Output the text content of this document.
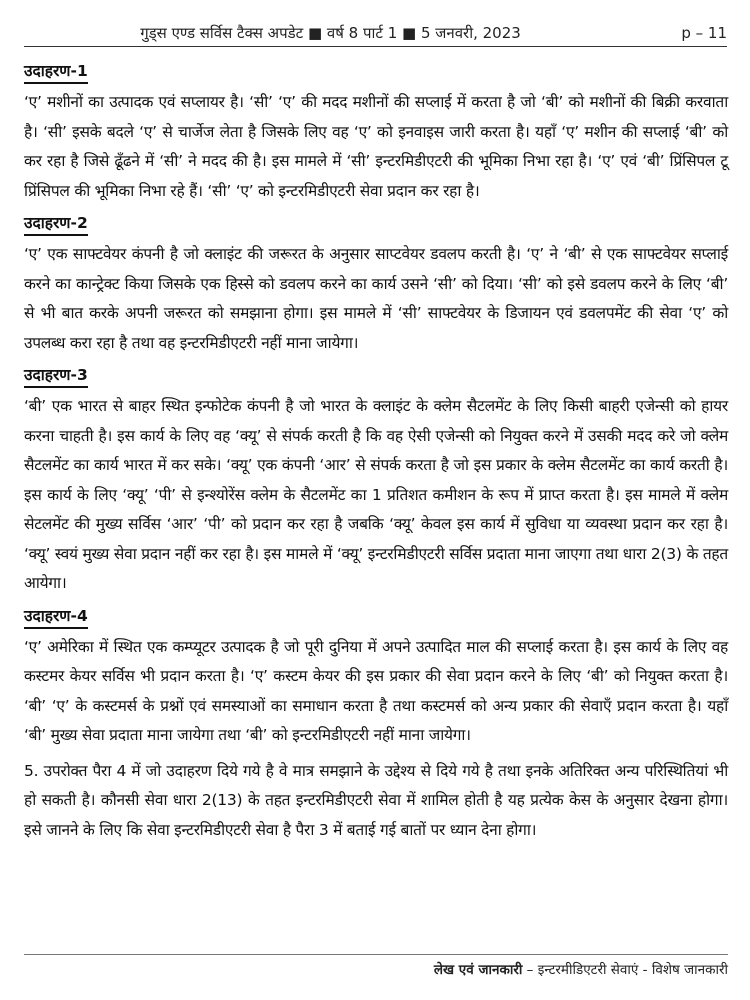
गुड्स एण्ड सर्विस टैक्स अपडेट ■ वर्ष 8 पार्ट 1 ■ 5 जनवरी, 2023	p – 11
उदाहरण-1

‘ए’ मशीनों का उत्पादक एवं सप्लायर है। ‘सी’ ‘ए’ की मदद मशीनों की सप्लाई में करता है जो ‘बी’ को मशीनों की बिक्री करवाता है। ‘सी’ इसके बदले ‘ए’ से चार्जेज लेता है जिसके लिए वह ‘ए’ को इनवाइस जारी करता है। यहाँ ‘ए’ मशीन की सप्लाई ‘बी’ को कर रहा है जिसे ढूँढने में ‘सी’ ने मदद की है। इस मामले में ‘सी’ इन्टरमिडीएटरी की भूमिका निभा रहा है। ‘ए’ एवं ‘बी’ प्रिंसिपल टू प्रिंसिपल की भूमिका निभा रहे हैं। ‘सी’ ‘ए’ को इन्टरमिडीएटरी सेवा प्रदान कर रहा है।

उदाहरण-2

‘ए’ एक साफ्टवेयर कंपनी है जो क्लाइंट की जरूरत के अनुसार साप्टवेयर डवलप करती है। ‘ए’ ने ‘बी’ से एक साफ्टवेयर सप्लाई करने का कान्ट्रेक्ट किया जिसके एक हिस्से को डवलप करने का कार्य उसने ‘सी’ को दिया। ‘सी’ को इसे डवलप करने के लिए ‘बी’ से भी बात करके अपनी जरूरत को समझाना होगा। इस मामले में ‘सी’ साफ्टवेयर के डिजायन एवं डवलपमेंट की सेवा ‘ए’ को उपलब्ध करा रहा है तथा वह इन्टरमिडीएटरी नहीं माना जायेगा।

उदाहरण-3

‘बी’ एक भारत से बाहर स्थित इन्फोटेक कंपनी है जो भारत के क्लाइंट के क्लेम सैटलमेंट के लिए किसी बाहरी एजेन्सी को हायर करना चाहती है। इस कार्य के लिए वह ‘क्यू’ से संपर्क करती है कि वह ऐसी एजेन्सी को नियुक्त करने में उसकी मदद करे जो क्लेम सैटलमेंट का कार्य भारत में कर सके। ‘क्यू’ एक कंपनी ‘आर’ से संपर्क करता है जो इस प्रकार के क्लेम सैटलमेंट का कार्य करती है। इस कार्य के लिए ‘क्यू’ ‘पी’ से इन्श्योरेंस क्लेम के सैटलमेंट का 1 प्रतिशत कमीशन के रूप में प्राप्त करता है। इस मामले में क्लेम सेटलमेंट की मुख्य सर्विस ‘आर’ ‘पी’ को प्रदान कर रहा है जबकि ‘क्यू’ केवल इस कार्य में सुविधा या व्यवस्था प्रदान कर रहा है। ‘क्यू’ स्वयं मुख्य सेवा प्रदान नहीं कर रहा है। इस मामले में ‘क्यू’ इन्टरमिडीएटरी सर्विस प्रदाता माना जाएगा तथा धारा 2(3) के तहत आयेगा।

उदाहरण-4

‘ए’ अमेरिका में स्थित एक कम्प्यूटर उत्पादक है जो पूरी दुनिया में अपने उत्पादित माल की सप्लाई करता है। इस कार्य के लिए वह कस्टमर केयर सर्विस भी प्रदान करता है। ‘ए’ कस्टम केयर की इस प्रकार की सेवा प्रदान करने के लिए ‘बी’ को नियुक्त करता है। ‘बी’ ‘ए’ के कस्टमर्स के प्रश्नों एवं समस्याओं का समाधान करता है तथा कस्टमर्स को अन्य प्रकार की सेवाएँ प्रदान करता है। यहाँ ‘बी’ मुख्य सेवा प्रदाता माना जायेगा तथा ‘बी’ को इन्टरमिडीएटरी नहीं माना जायेगा।

5. उपरोक्त पैरा 4 में जो उदाहरण दिये गये है वे मात्र समझाने के उद्देश्य से दिये गये है तथा इनके अतिरिक्त अन्य परिस्थितियां भी हो सकती है। कौनसी सेवा धारा 2(13) के तहत इन्टरमिडीएटरी सेवा में शामिल होती है यह प्रत्येक केस के अनुसार देखना होगा। इसे जानने के लिए कि सेवा इन्टरमिडीएटरी सेवा है पैरा 3 में बताई गई बातों पर ध्यान देना होगा।

लेख एवं जानकारी – इन्टरमीडिएटरी सेवाएं - विशेष जानकारी
